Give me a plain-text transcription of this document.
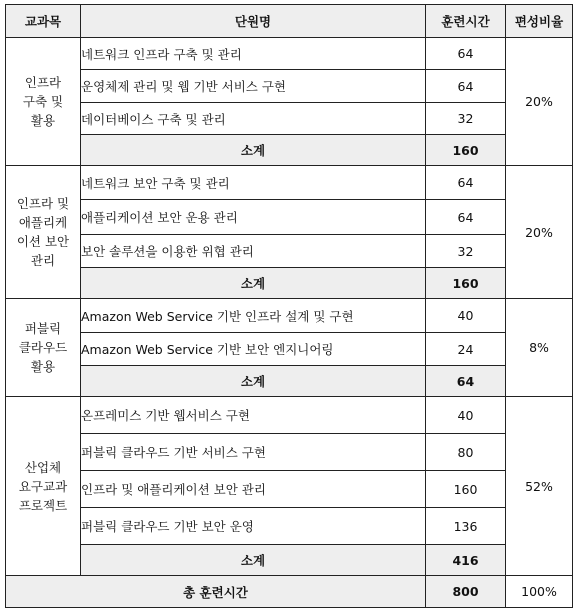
교과목	단원명	훈련시간	편성비율

인프라
구축 및
활용	네트워크 인프라 구축 및 관리	64	20%
	운영체제 관리 및 웹 기반 서비스 구현	64	
	데이터베이스 구축 및 관리	32	
	소계	160	

인프라 및
애플리케
이션 보안
관리	네트워크 보안 구축 및 관리	64	20%
	애플리케이션 보안 운용 관리	64	
	보안 솔루션을 이용한 위협 관리	32	
	소계	160	

퍼블릭
클라우드
활용	Amazon Web Service 기반 인프라 설계 및 구현	40	8%
	Amazon Web Service 기반 보안 엔지니어링	24	
	소계	64	

산업체
요구교과
프로젝트	온프레미스 기반 웹서비스 구현	40	52%
	퍼블릭 클라우드 기반 서비스 구현	80	
	인프라 및 애플리케이션 보안 관리	160	
	퍼블릭 클라우드 기반 보안 운영	136	
	소계	416	
총 훈련시간		800	100%
